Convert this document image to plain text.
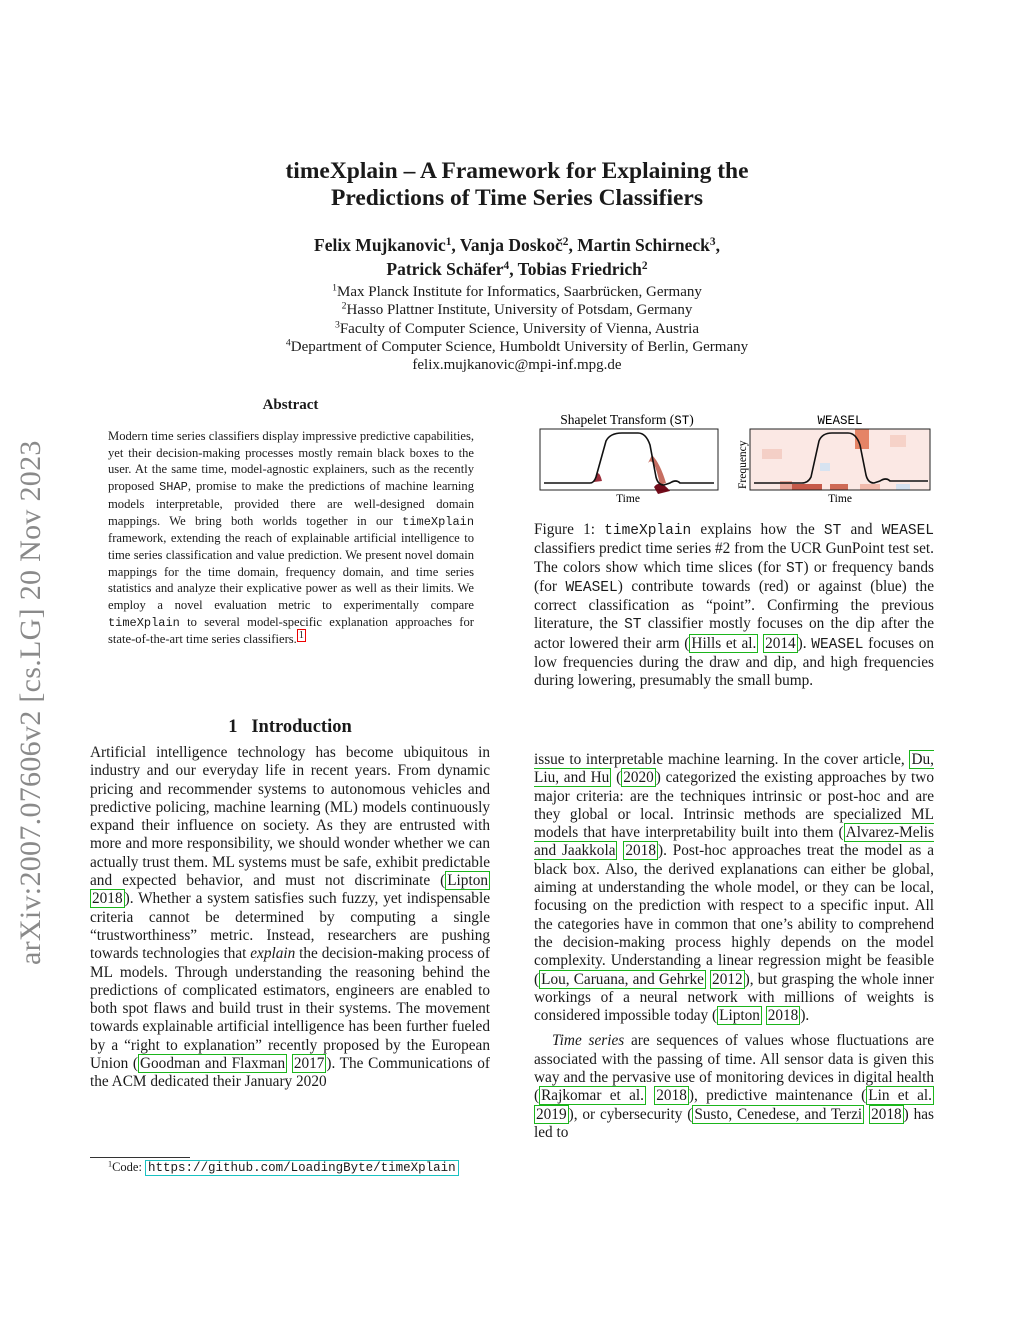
arXiv:2007.07606v2 [cs.LG] 20 Nov 2023
timeXplain – A Framework for Explaining the
Predictions of Time Series Classifiers
Felix Mujkanovic$^1$, Vanja Doskoč$^2$, Martin Schirneck$^3$,
Patrick Schäfer$^4$, Tobias Friedrich$^2$
$^1$Max Planck Institute for Informatics, Saarbrücken, Germany
$^2$Hasso Plattner Institute, University of Potsdam, Germany
$^3$Faculty of Computer Science, University of Vienna, Austria
$^4$Department of Computer Science, Humboldt University of Berlin, Germany
felix.mujkanovic@mpi-inf.mpg.de
Abstract
Modern time series classifiers display impressive predictive capabilities, yet their decision-making processes mostly remain black boxes to the user. At the same time, model-agnostic explainers, such as the recently proposed SHAP, promise to make the predictions of machine learning models interpretable, provided there are well-designed domain mappings. We bring both worlds together in our timeXplain framework, extending the reach of explainable artificial intelligence to time series classification and value prediction. We present novel domain mappings for the time domain, frequency domain, and time series statistics and analyze their explicative power as well as their limits. We employ a novel evaluation metric to experimentally compare timeXplain to several model-specific explanation approaches for state-of-the-art time series classifiers. $^1$
1 Introduction
Artificial intelligence technology has become ubiquitous in industry and our everyday life in recent years. From dynamic pricing and recommender systems to autonomous vehicles and predictive policing, machine learning (ML) models continuously expand their influence on society. As they are entrusted with more and more responsibility, we should wonder whether we can actually trust them. ML systems must be safe, exhibit predictable and expected behavior, and must not discriminate ( Lipton 2018 ). Whether a system satisfies such fuzzy, yet indispensable criteria cannot be determined by computing a single “trustworthiness” metric. Instead, researchers are pushing towards technologies that explain the decision-making process of ML models. Through understanding the reasoning behind the predictions of complicated estimators, engineers are enabled to both spot flaws and build trust in their systems. The movement towards explainable artificial intelligence has been further fueled by a “right to explanation” recently proposed by the European Union ( Goodman and Flaxman 2017 ). The Communications of the ACM dedicated their January 2020
$^1$Code: https://github.com/LoadingByte/timeXplain
Shapelet Transform (ST)
Time
WEASEL
Time
Frequency
Figure 1: timeXplain explains how the ST and WEASEL classifiers predict time series #2 from the UCR GunPoint test set. The colors show which time slices (for ST) or frequency bands (for WEASEL) contribute towards (red) or against (blue) the correct classification as “point”. Confirming the previous literature, the ST classifier mostly focuses on the dip after the actor lowered their arm ( Hills et al. 2014 ). WEASEL focuses on low frequencies during the draw and dip, and high frequencies during lowering, presumably the small bump.

issue to interpretable machine learning. In the cover article, Du, Liu, and Hu ( 2020 ) categorized the existing approaches by two major criteria: are the techniques intrinsic or post-hoc and are they global or local. Intrinsic methods are specialized ML models that have interpretability built into them ( Alvarez-Melis and Jaakkola 2018 ). Post-hoc approaches treat the model as a black box. Also, the derived explanations can either be global, aiming at understanding the whole model, or they can be local, focusing on the prediction with respect to a specific input. All the categories have in common that one’s ability to comprehend the decision-making process highly depends on the model complexity. Understanding a linear regression might be feasible ( Lou, Caruana, and Gehrke 2012 ), but grasping the whole inner workings of a neural network with millions of weights is considered impossible today ( Lipton 2018 ).

Time series are sequences of values whose fluctuations are associated with the passing of time. All sensor data is given this way and the pervasive use of monitoring devices in digital health ( Rajkomar et al. 2018 ), predictive maintenance ( Lin et al. 2019 ), or cybersecurity ( Susto, Cenedese, and Terzi 2018 ) has led to
